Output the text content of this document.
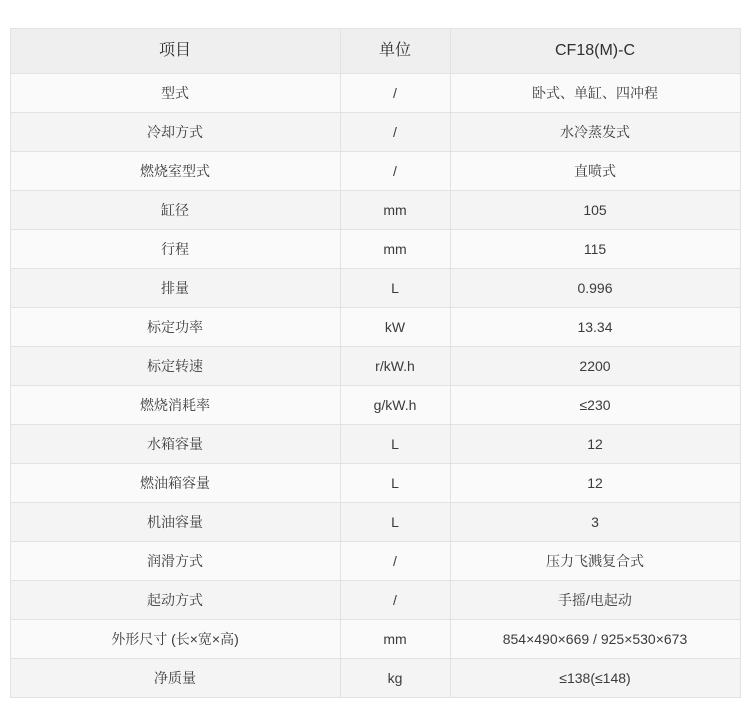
项目	单位	CF18(M)-C
型式	/	卧式、单缸、四冲程
冷却方式	/	水冷蒸发式
燃烧室型式	/	直喷式
缸径	mm	105
行程	mm	115
排量	L	0.996
标定功率	kW	13.34
标定转速	r/kW.h	2200
燃烧消耗率	g/kW.h	≤230
水箱容量	L	12
燃油箱容量	L	12
机油容量	L	3
润滑方式	/	压力飞溅复合式
起动方式	/	手摇/电起动
外形尺寸 (长×宽×高)	mm	854×490×669 / 925×530×673
净质量	kg	≤138(≤148)
